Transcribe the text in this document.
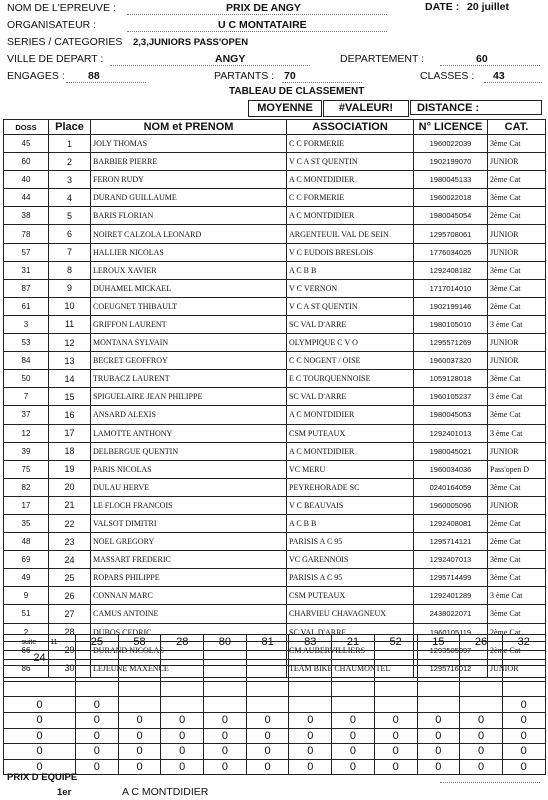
NOM DE L'EPREUVE :	PRIX DE ANGY	DATE : 20 juillet
ORGANISATEUR :	U C MONTATAIRE
SERIES / CATEGORIES 2,3,JUNIORS PASS'OPEN
VILLE DE DEPART :	ANGY	DEPARTEMENT :	60
ENGAGES : 88	PARTANTS : 70	CLASSES : 43
TABLEAU DE CLASSEMENT
MOYENNE	#VALEUR!	DISTANCE :
DOSS	Place	NOM et PRENOM	ASSOCIATION	N° LICENCE	CAT.
45	1	JOLY THOMAS	C C FORMERIE	1960022039	3ème Cat
60	2	BARBIER PIERRE	V C A ST QUENTIN	1902199070	JUNIOR
40	3	FERON RUDY	A C MONTDIDIER	1980045133	2ème Cat
44	4	DURAND GUILLAUME	C C FORMERIE	1960022018	3ème Cat
38	5	BARIS FLORIAN	A C MONTDIDIER	1980045054	2ème Cat
78	6	NOIRET CALZOLA LEONARD	ARGENTEUIL VAL DE SEIN	1295708061	JUNIOR
57	7	HALLIER NICOLAS	V C EUDOIS BRESLOIS	1776034025	JUNIOR
31	8	LEROUX XAVIER	A C B B	1292408182	3ème Cat
87	9	DUHAMEL MICKAEL	V C VERNON	1717014010	3ème Cat
61	10	COEUGNET THIBAULT	V C A ST QUENTIN	1902199146	2ème Cat
3	11	GRIFFON LAURENT	SC VAL D'ARRE	1980105010	3 ème Cat
53	12	MONTANA SYLVAIN	OLYMPIQUE C V O	1295571269	JUNIOR
84	13	BECRET GEOFFROY	C C NOGENT / OISE	1960037320	JUNIOR
50	14	TRUBACZ LAURENT	E C TOURQUENNOISE	1059128018	3ème Cat
7	15	SPIGUELAIRE JEAN PHILIPPE	SC VAL D'ARRE	1960105237	3 ème Cat
37	16	ANSARD ALEXIS	A C MONTDIDIER	1980045053	3ème Cat
12	17	LAMOTTE ANTHONY	CSM PUTEAUX	1292401013	3 ème Cat
39	18	DELBERGUE QUENTIN	A C MONTDIDIER	1980045021	JUNIOR
75	19	PARIS NICOLAS	VC MERU	1960034036	Pass'open D
82	20	DULAU HERVE	PEYREHORADE SC	0240164059	3ème Cat
17	21	LE FLOCH FRANCOIS	V C BEAUVAIS	1960005096	JUNIOR
35	22	VALSOT DIMITRI	A C B B	1292408081	2ème Cat
48	23	NOEL GREGORY	PARISIS A C 95	1295714121	2ème Cat
69	24	MASSART FREDERIC	VC GARENNOIS	1292407013	3ème Cat
49	25	ROPARS PHILIPPE	PARISIS A C 95	1295714499	3ème Cat
9	26	CONNAN MARC	CSM PUTEAUX	1292401289	3 ème Cat
51	27	CAMUS ANTOINE	CHARVIEU CHAVAGNEUX	2438022071	3ème Cat
2	28	DUBOS CEDRIC	SC VAL D'ARRE	1960105119	2ème Cat
66	29	DURAND NICOLAS	CM AUBERVILLIERS	1293505097	2ème Cat
86	30	LEJEUNE MAXENCE	TEAM BIKE CHAUMONTEL	1295716012	JUNIOR
suite 11	25	58	28	80	81	83	21	52	15	26	32
24											

0	0										0
0	0	0	0	0	0	0	0	0	0	0	0
0	0	0	0	0	0	0	0	0	0	0	0
0	0	0	0	0	0	0	0	0	0	0	0
0	0	0	0	0	0	0	0	0	0	0	0
PRIX D EQUIPE
1er	A C MONTDIDIER
